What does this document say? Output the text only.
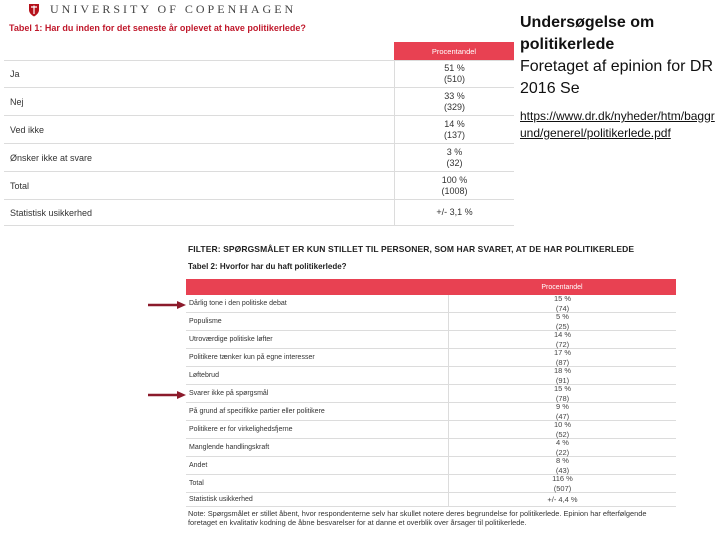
UNIVERSITY OF COPENHAGEN
Tabel 1: Har du inden for det seneste år oplevet at have politikerlede?
Procentandel
Ja
51 %
(510)
Nej
33 %
(329)
Ved ikke
14 %
(137)
Ønsker ikke at svare
3 %
(32)
Total
100 %
(1008)
Statistisk usikkerhed	+/- 3,1 %
Undersøgelse om politikerlede
Foretaget af epinion for DR 2016 Se
https://www.dr.dk/nyheder/htm/baggrund/generel/politikerlede.pdf
FILTER: SPØRGSMÅLET ER KUN STILLET TIL PERSONER, SOM HAR SVARET, AT DE HAR POLITIKERLEDE
Tabel 2: Hvorfor har du haft politikerlede?
Procentandel
Dårlig tone i den politiske debat
15 %
(74)
Populisme
5 %
(25)
Utroværdige politiske løfter
14 %
(72)
Politikere tænker kun på egne interesser
17 %
(87)
Løftebrud
18 %
(91)
Svarer ikke på spørgsmål
15 %
(78)
På grund af specifikke partier eller politikere
9 %
(47)
Politikere er for virkelighedsfjerne
10 %
(52)
Manglende handlingskraft
4 %
(22)
Andet
8 %
(43)
Total
116 %
(507)
Statistisk usikkerhed	+/- 4,4 %
Note: Spørgsmålet er stillet åbent, hvor respondenterne selv har skullet notere deres begrundelse for politikerlede. Epinion har efterfølgende foretaget en kvalitativ kodning de åbne besvarelser for at danne et overblik over årsager til politikerlede.
